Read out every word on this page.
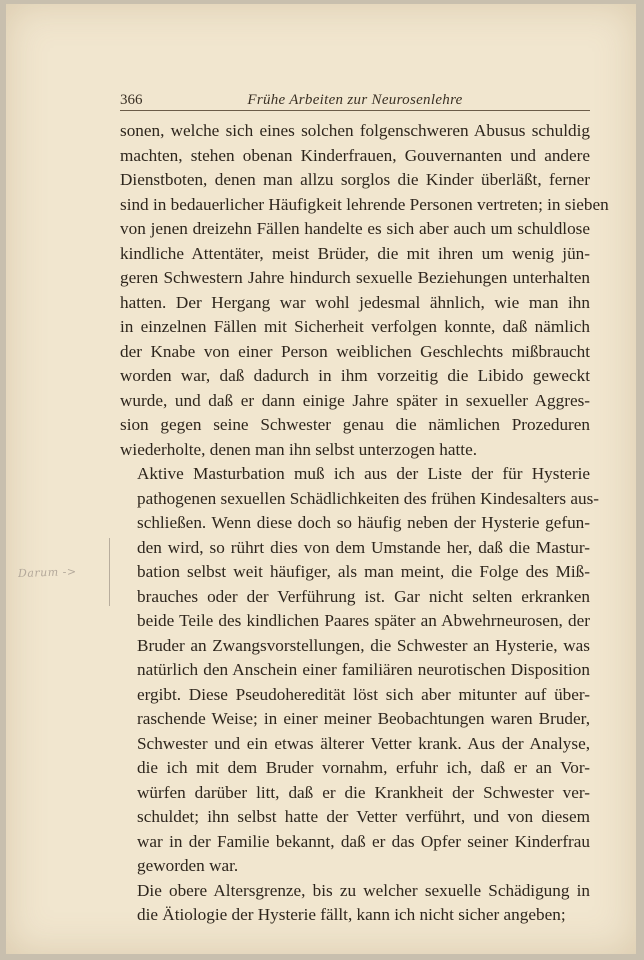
366	Frühe Arbeiten zur Neurosenlehre
Darum ->
sonen, welche sich eines solchen folgenschweren Abusus schuldig
machten, stehen obenan Kinderfrauen, Gouvernanten und andere
Dienstboten, denen man allzu sorglos die Kinder überläßt, ferner
sind in bedauerlicher Häufigkeit lehrende Personen vertreten; in sieben
von jenen dreizehn Fällen handelte es sich aber auch um schuldlose
kindliche Attentäter, meist Brüder, die mit ihren um wenig jün-
geren Schwestern Jahre hindurch sexuelle Beziehungen unterhalten
hatten. Der Hergang war wohl jedesmal ähnlich, wie man ihn
in einzelnen Fällen mit Sicherheit verfolgen konnte, daß nämlich
der Knabe von einer Person weiblichen Geschlechts mißbraucht
worden war, daß dadurch in ihm vorzeitig die Libido geweckt
wurde, und daß er dann einige Jahre später in sexueller Aggres-
sion gegen seine Schwester genau die nämlichen Prozeduren
wiederholte, denen man ihn selbst unterzogen hatte.
Aktive Masturbation muß ich aus der Liste der für Hysterie
pathogenen sexuellen Schädlichkeiten des frühen Kindesalters aus-
schließen. Wenn diese doch so häufig neben der Hysterie gefun-
den wird, so rührt dies von dem Umstande her, daß die Mastur-
bation selbst weit häufiger, als man meint, die Folge des Miß-
brauches oder der Verführung ist. Gar nicht selten erkranken
beide Teile des kindlichen Paares später an Abwehrneurosen, der
Bruder an Zwangsvorstellungen, die Schwester an Hysterie, was
natürlich den Anschein einer familiären neurotischen Disposition
ergibt. Diese Pseudoheredität löst sich aber mitunter auf über-
raschende Weise; in einer meiner Beobachtungen waren Bruder,
Schwester und ein etwas älterer Vetter krank. Aus der Analyse,
die ich mit dem Bruder vornahm, erfuhr ich, daß er an Vor-
würfen darüber litt, daß er die Krankheit der Schwester ver-
schuldet; ihn selbst hatte der Vetter verführt, und von diesem
war in der Familie bekannt, daß er das Opfer seiner Kinderfrau
geworden war.
Die obere Altersgrenze, bis zu welcher sexuelle Schädigung in
die Ätiologie der Hysterie fällt, kann ich nicht sicher angeben;
